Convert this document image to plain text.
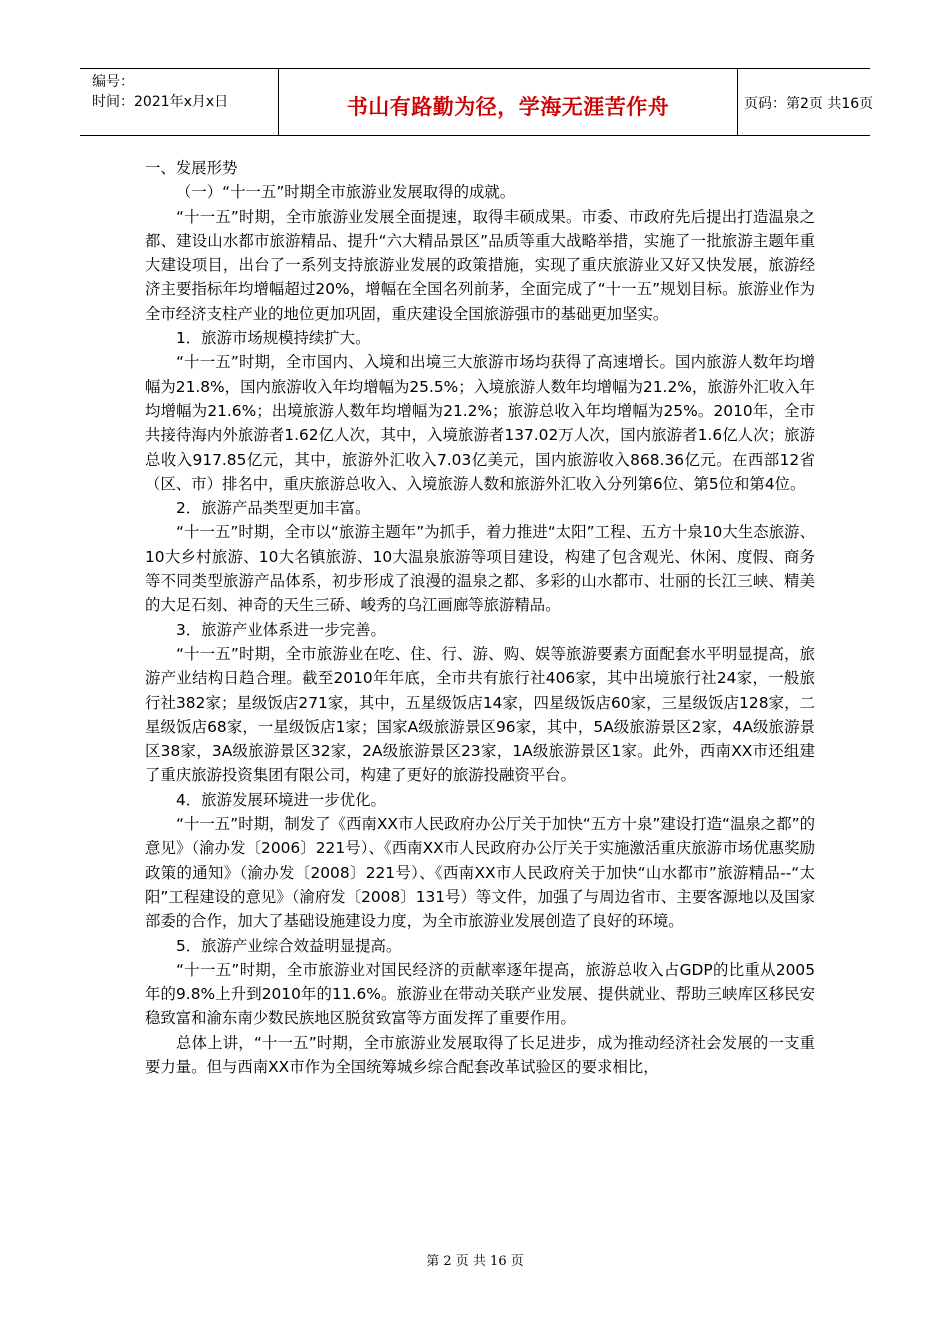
编号：
时间：2021年x月x日	书山有路勤为径，学海无涯苦作舟	页码：第2页 共16页

一、发展形势

（一）“十一五”时期全市旅游业发展取得的成就。

“十一五”时期，全市旅游业发展全面提速，取得丰硕成果。市委、市政府先后提出打造温泉之都、建设山水都市旅游精品、提升“六大精品景区”品质等重大战略举措，实施了一批旅游主题年重大建设项目，出台了一系列支持旅游业发展的政策措施，实现了重庆旅游业又好又快发展，旅游经济主要指标年均增幅超过20%，增幅在全国名列前茅，全面完成了“十一五”规划目标。旅游业作为全市经济支柱产业的地位更加巩固，重庆建设全国旅游强市的基础更加坚实。

1．旅游市场规模持续扩大。

“十一五”时期，全市国内、入境和出境三大旅游市场均获得了高速增长。国内旅游人数年均增幅为21.8%，国内旅游收入年均增幅为25.5%；入境旅游人数年均增幅为21.2%，旅游外汇收入年均增幅为21.6%；出境旅游人数年均增幅为21.2%；旅游总收入年均增幅为25%。2010年，全市共接待海内外旅游者1.62亿人次，其中，入境旅游者137.02万人次，国内旅游者1.6亿人次；旅游总收入917.85亿元，其中，旅游外汇收入7.03亿美元，国内旅游收入868.36亿元。在西部12省（区、市）排名中，重庆旅游总收入、入境旅游人数和旅游外汇收入分列第6位、第5位和第4位。

2．旅游产品类型更加丰富。

“十一五”时期，全市以“旅游主题年”为抓手，着力推进“太阳”工程、五方十泉10大生态旅游、10大乡村旅游、10大名镇旅游、10大温泉旅游等项目建设，构建了包含观光、休闲、度假、商务等不同类型旅游产品体系，初步形成了浪漫的温泉之都、多彩的山水都市、壮丽的长江三峡、精美的大足石刻、神奇的天生三硚、峻秀的乌江画廊等旅游精品。

3．旅游产业体系进一步完善。

“十一五”时期，全市旅游业在吃、住、行、游、购、娱等旅游要素方面配套水平明显提高，旅游产业结构日趋合理。截至2010年年底，全市共有旅行社406家，其中出境旅行社24家，一般旅行社382家；星级饭店271家，其中，五星级饭店14家，四星级饭店60家，三星级饭店128家，二星级饭店68家，一星级饭店1家；国家A级旅游景区96家，其中，5A级旅游景区2家，4A级旅游景区38家，3A级旅游景区32家，2A级旅游景区23家，1A级旅游景区1家。此外，西南XX市还组建了重庆旅游投资集团有限公司，构建了更好的旅游投融资平台。

4．旅游发展环境进一步优化。

“十一五”时期，制发了《西南XX市人民政府办公厅关于加快“五方十泉”建设打造“温泉之都”的意见》（渝办发〔2006〕221号）、《西南XX市人民政府办公厅关于实施激活重庆旅游市场优惠奖励政策的通知》（渝办发〔2008〕221号）、《西南XX市人民政府关于加快“山水都市”旅游精品--“太阳”工程建设的意见》（渝府发〔2008〕131号）等文件，加强了与周边省市、主要客源地以及国家部委的合作，加大了基础设施建设力度，为全市旅游业发展创造了良好的环境。

5．旅游产业综合效益明显提高。

“十一五”时期，全市旅游业对国民经济的贡献率逐年提高，旅游总收入占GDP的比重从2005年的9.8%上升到2010年的11.6%。旅游业在带动关联产业发展、提供就业、帮助三峡库区移民安稳致富和渝东南少数民族地区脱贫致富等方面发挥了重要作用。

总体上讲，“十一五”时期，全市旅游业发展取得了长足进步，成为推动经济社会发展的一支重要力量。但与西南XX市作为全国统筹城乡综合配套改革试验区的要求相比，

第 2 页 共 16 页
